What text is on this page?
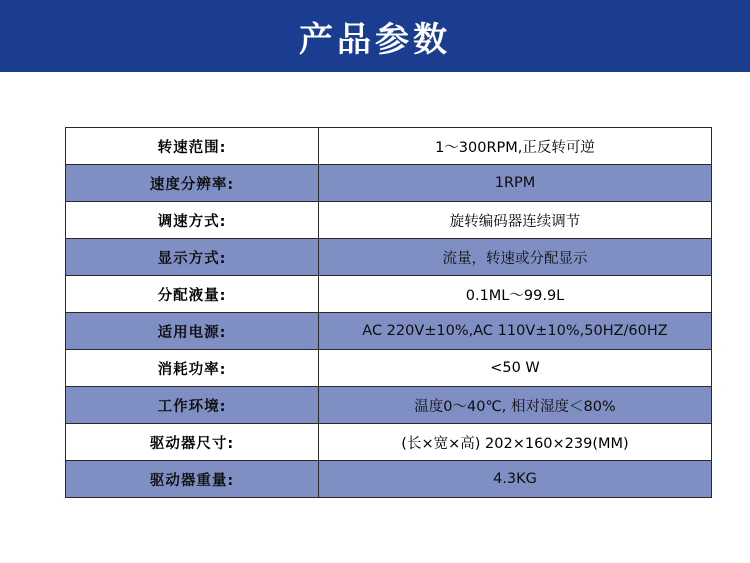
产品参数
转速范围:	1～300RPM,正反转可逆
速度分辨率:	1RPM
调速方式:	旋转编码器连续调节
显示方式:	流量，转速或分配显示
分配液量:	0.1ML～99.9L
适用电源:	AC 220V±10%,AC 110V±10%,50HZ/60HZ
消耗功率:	<50 W
工作环境:	温度0～40℃, 相对湿度＜80%
驱动器尺寸:	(长×宽×高) 202×160×239(MM)
驱动器重量:	4.3KG
